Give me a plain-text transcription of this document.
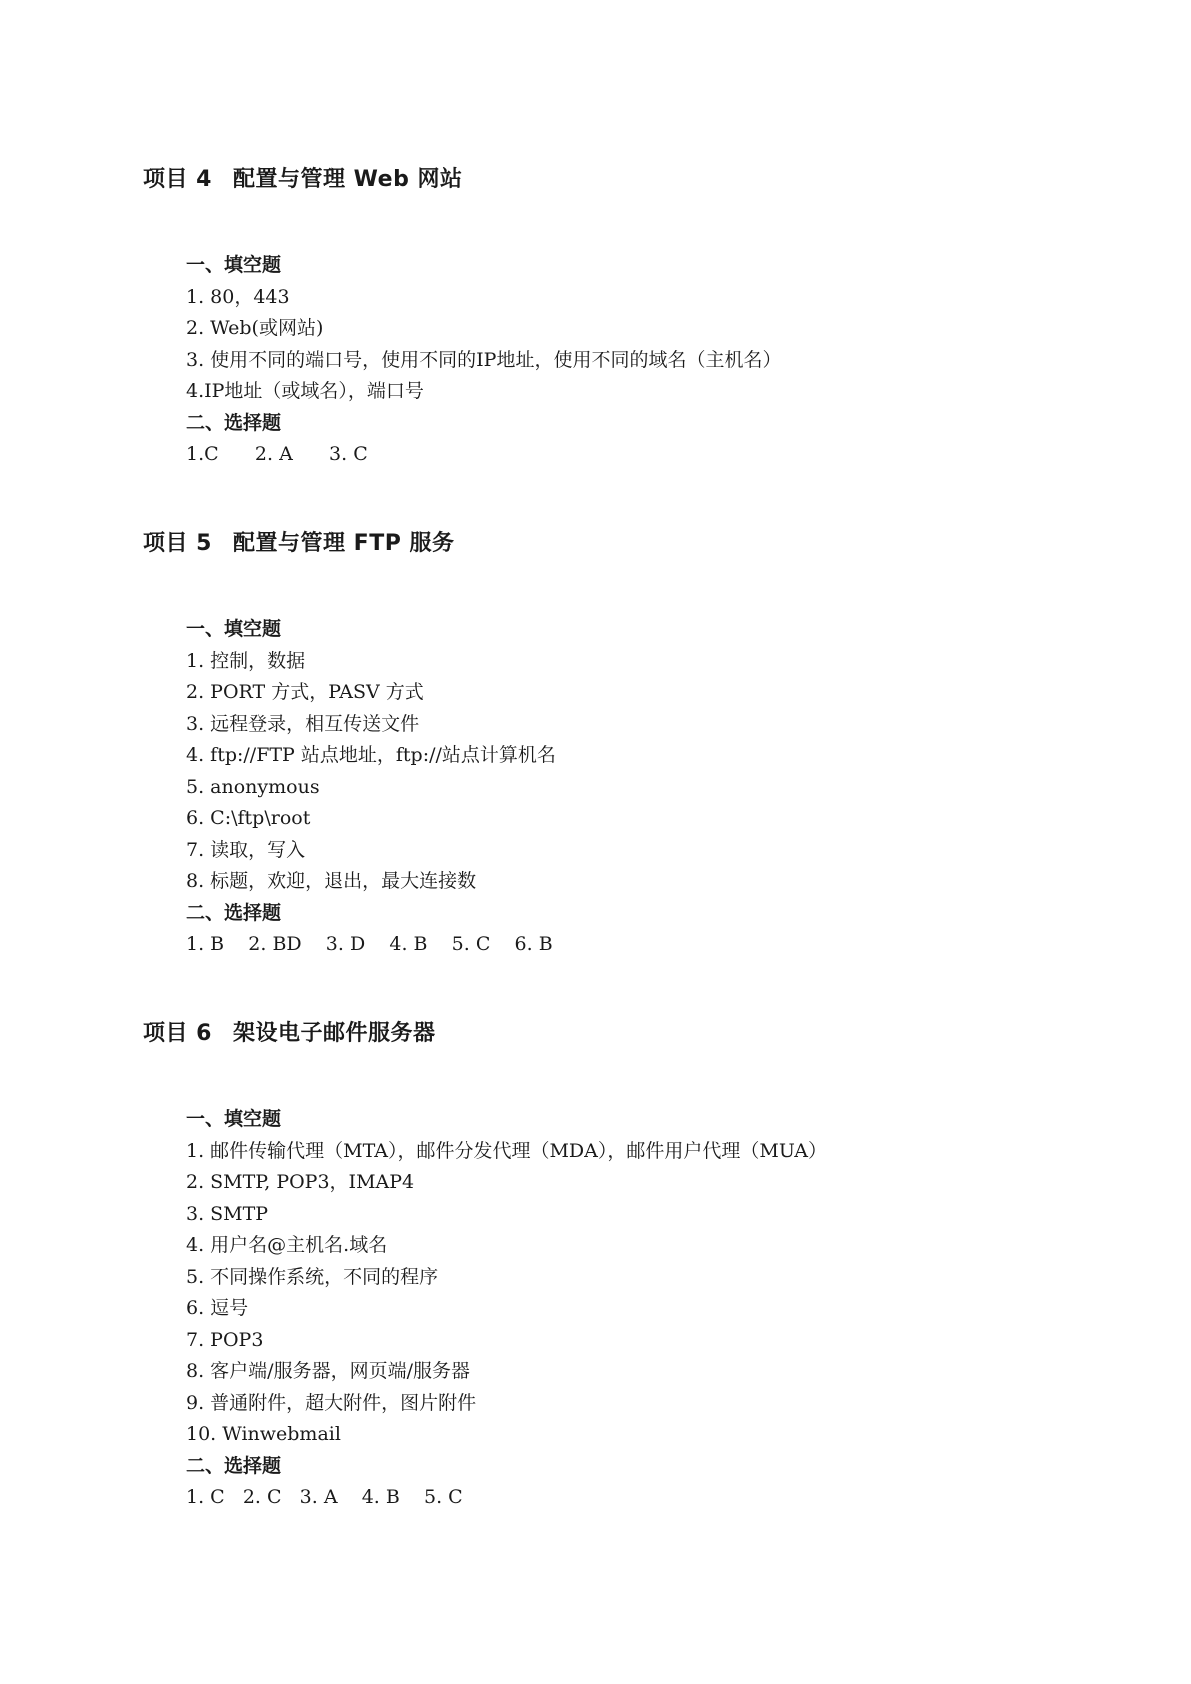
项目 4 配置与管理 Web 网站
一、填空题
1. 80，443
2. Web(或网站)
3. 使用不同的端口号，使用不同的IP地址，使用不同的域名（主机名）
4.IP地址（或域名），端口号
二、选择题
1.C      2. A      3. C
项目 5 配置与管理 FTP 服务
一、填空题
1. 控制，数据
2. PORT 方式，PASV 方式
3. 远程登录，相互传送文件
4. ftp://FTP 站点地址，ftp://站点计算机名
5. anonymous
6. C:\ftp\root
7. 读取，写入
8. 标题，欢迎，退出，最大连接数
二、选择题
1. B    2. BD    3. D    4. B    5. C    6. B
项目 6 架设电子邮件服务器
一、填空题
1. 邮件传输代理（MTA），邮件分发代理（MDA），邮件用户代理（MUA）
2. SMTP, POP3，IMAP4
3. SMTP
4. 用户名@主机名.域名
5. 不同操作系统，不同的程序
6. 逗号
7. POP3
8. 客户端/服务器，网页端/服务器
9. 普通附件，超大附件，图片附件
10. Winwebmail
二、选择题
1. C   2. C   3. A    4. B    5. C
